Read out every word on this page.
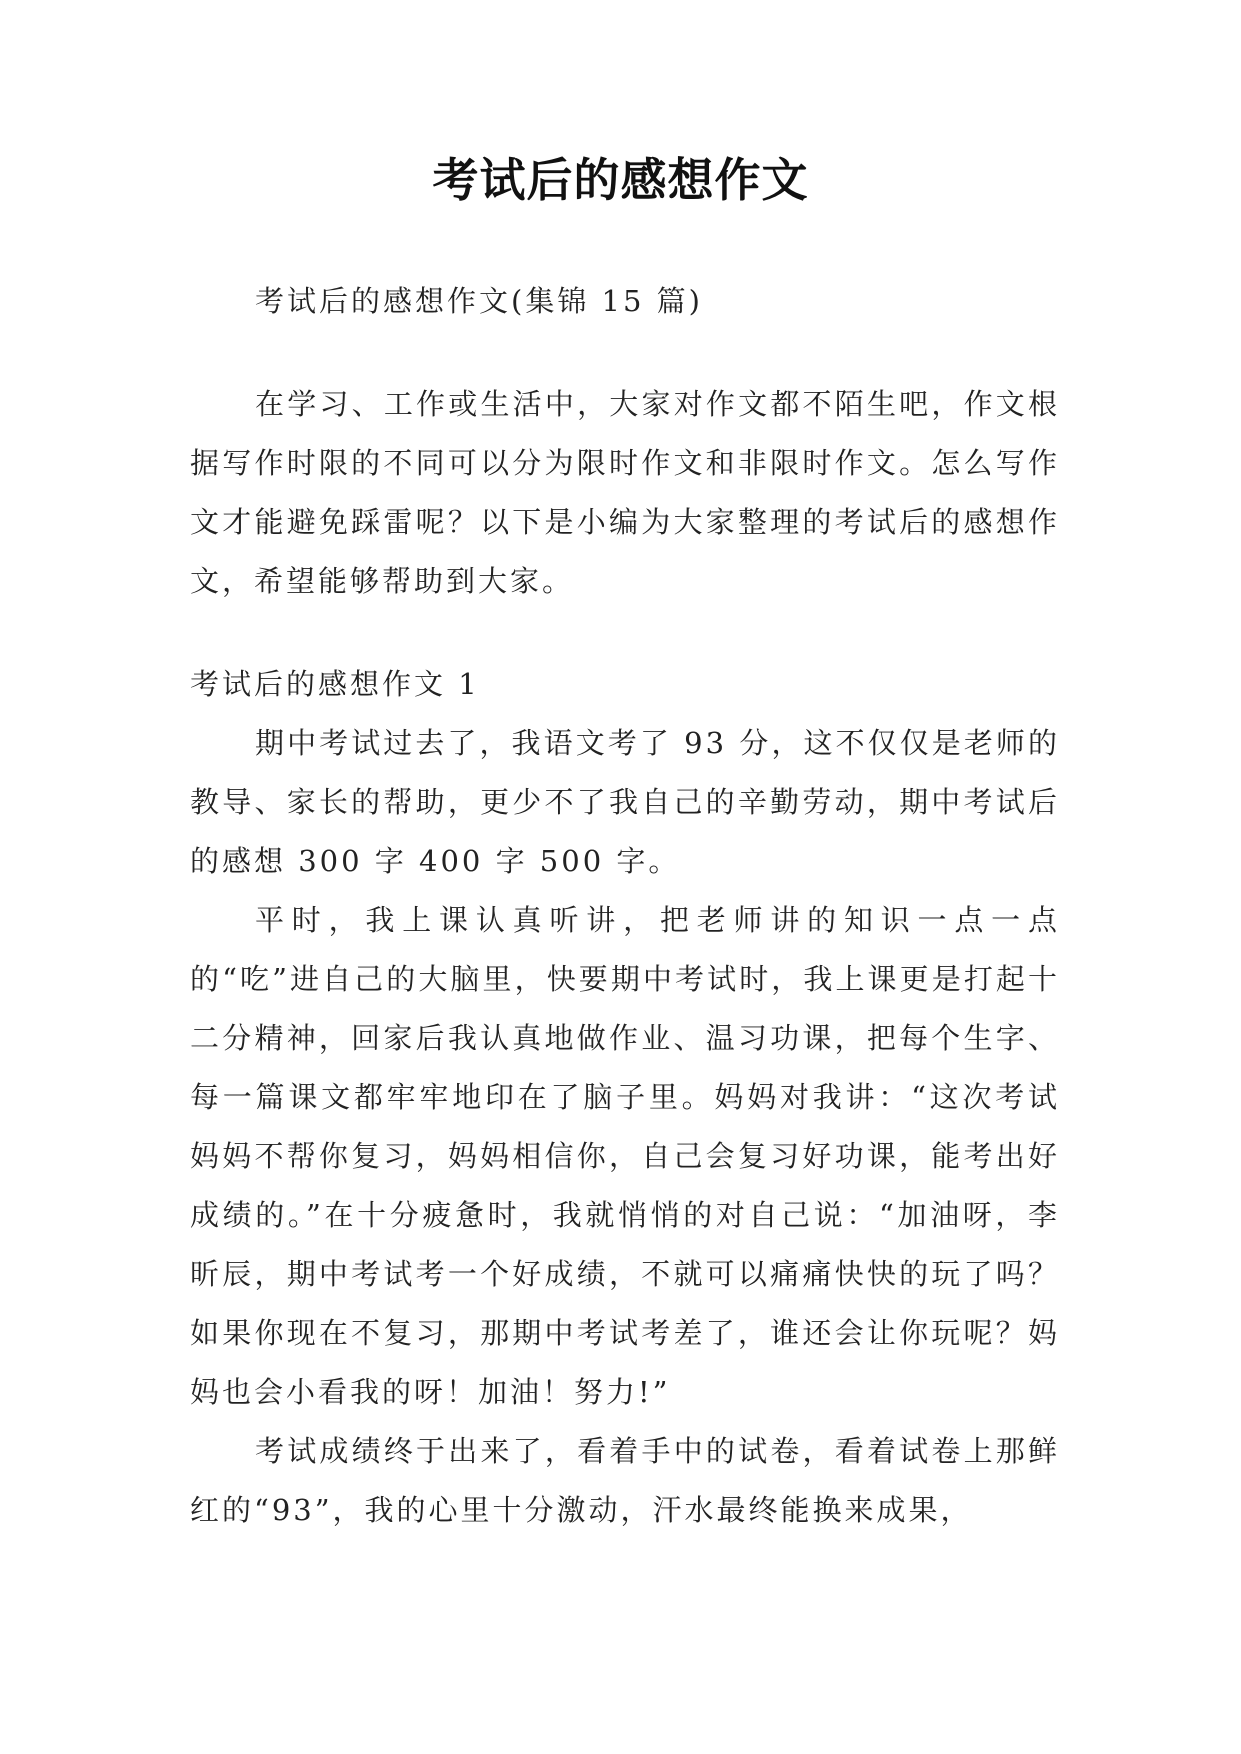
考试后的感想作文

考试后的感想作文(集锦 15 篇)

在学习、工作或生活中，大家对作文都不陌生吧，作文根据写作时限的不同可以分为限时作文和非限时作文。怎么写作文才能避免踩雷呢？以下是小编为大家整理的考试后的感想作文，希望能够帮助到大家。

考试后的感想作文 1

期中考试过去了，我语文考了 93 分，这不仅仅是老师的教导、家长的帮助，更少不了我自己的辛勤劳动，期中考试后的感想 300 字 400 字 500 字。

平时，我上课认真听讲，把老师讲的知识一点一点的“吃”进自己的大脑里，快要期中考试时，我上课更是打起十二分精神，回家后我认真地做作业、温习功课，把每个生字、每一篇课文都牢牢地印在了脑子里。妈妈对我讲：“这次考试妈妈不帮你复习，妈妈相信你，自己会复习好功课，能考出好成绩的。”在十分疲惫时，我就悄悄的对自己说：“加油呀，李昕辰，期中考试考一个好成绩，不就可以痛痛快快的玩了吗？如果你现在不复习，那期中考试考差了，谁还会让你玩呢？妈妈也会小看我的呀！加油！努力!”

考试成绩终于出来了，看着手中的试卷，看着试卷上那鲜红的“93”，我的心里十分激动，汗水最终能换来成果，
